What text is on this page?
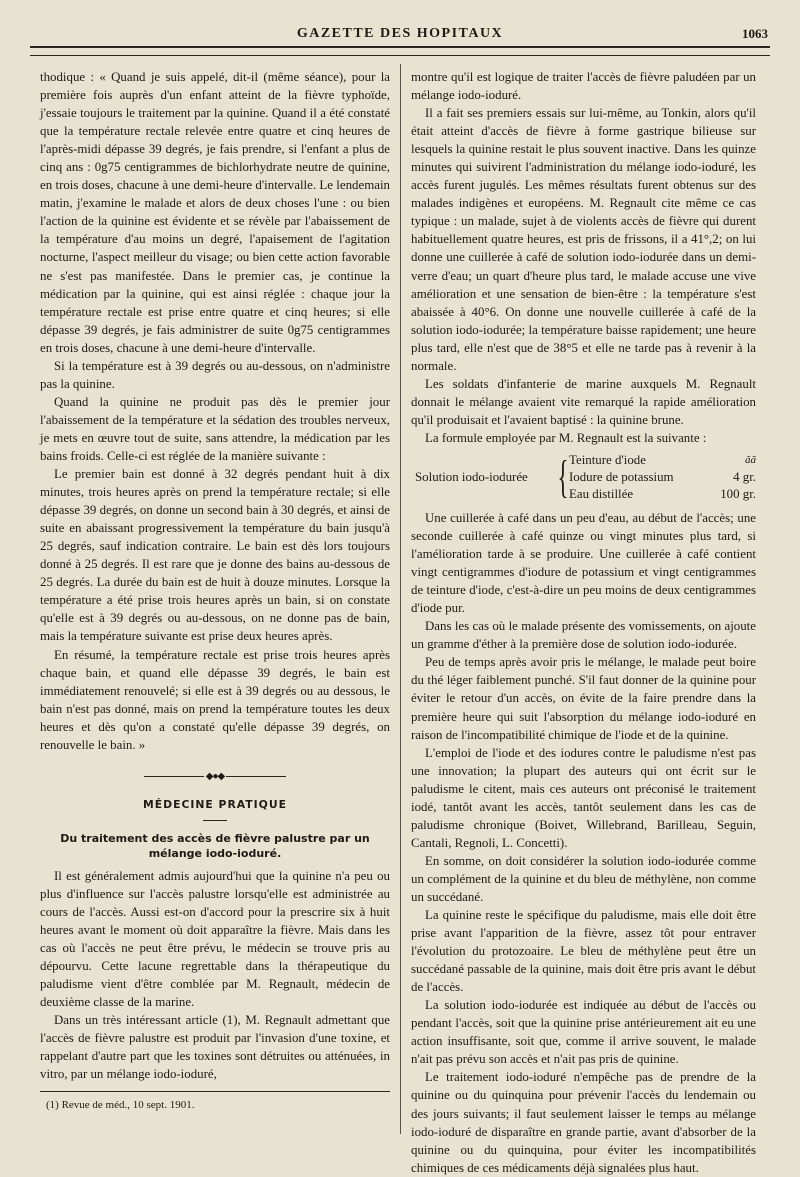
GAZETTE DES HOPITAUX	1063

thodique : « Quand je suis appelé, dit-il (même séance), pour la première fois auprès d'un enfant atteint de la fièvre typhoïde, j'essaie toujours le traitement par la quinine. Quand il a été constaté que la température rectale relevée entre quatre et cinq heures de l'après-midi dépasse 39 degrés, je fais prendre, si l'enfant a plus de cinq ans : 0g75 centigrammes de bichlorhydrate neutre de quinine, en trois doses, chacune à une demi-heure d'intervalle. Le lendemain matin, j'examine le malade et alors de deux choses l'une : ou bien l'action de la quinine est évidente et se révèle par l'abaissement de la température d'au moins un degré, l'apaisement de l'agitation nocturne, l'aspect meilleur du visage; ou bien cette action favorable ne s'est pas manifestée. Dans le premier cas, je continue la médication par la quinine, qui est ainsi réglée : chaque jour la température rectale est prise entre quatre et cinq heures; si elle dépasse 39 degrés, je fais administrer de suite 0g75 centigrammes en trois doses, chacune à une demi-heure d'intervalle.

Si la température est à 39 degrés ou au-dessous, on n'administre pas la quinine.

Quand la quinine ne produit pas dès le premier jour l'abaissement de la température et la sédation des troubles nerveux, je mets en œuvre tout de suite, sans attendre, la médication par les bains froids. Celle-ci est réglée de la manière suivante :

Le premier bain est donné à 32 degrés pendant huit à dix minutes, trois heures après on prend la température rectale; si elle dépasse 39 degrés, on donne un second bain à 30 degrés, et ainsi de suite en abaissant progressivement la température du bain jusqu'à 25 degrés, sauf indication contraire. Le bain est dès lors toujours donné à 25 degrés. Il est rare que je donne des bains au-dessous de 25 degrés. La durée du bain est de huit à douze minutes. Lorsque la température a été prise trois heures après un bain, si on constate qu'elle est à 39 degrés ou au-dessous, on ne donne pas de bain, mais la température suivante est prise deux heures après.

En résumé, la température rectale est prise trois heures après chaque bain, et quand elle dépasse 39 degrés, le bain est immédiatement renouvelé; si elle est à 39 degrés ou au dessous, le bain n'est pas donné, mais on prend la température toutes les deux heures et dès qu'on a constaté qu'elle dépasse 39 degrés, on renouvelle le bain. »

◆●◆
MÉDECINE PRATIQUE
Du traitement des accès de fièvre palustre par un mélange iodo-ioduré.

Il est généralement admis aujourd'hui que la quinine n'a peu ou plus d'influence sur l'accès palustre lorsqu'elle est administrée au cours de l'accès. Aussi est-on d'accord pour la prescrire six à huit heures avant le moment où doit apparaître la fièvre. Mais dans les cas où l'accès ne peut être prévu, le médecin se trouve pris au dépourvu. Cette lacune regrettable dans la thérapeutique du paludisme vient d'être comblée par M. Regnault, médecin de deuxième classe de la marine.

Dans un très intéressant article (1), M. Regnault admettant que l'accès de fièvre palustre est produit par l'invasion d'une toxine, et rappelant d'autre part que les toxines sont détruites ou atténuées, in vitro, par un mélange iodo-ioduré,

(1) Revue de méd., 10 sept. 1901.

montre qu'il est logique de traiter l'accès de fièvre paludéen par un mélange iodo-ioduré.

Il a fait ses premiers essais sur lui-même, au Tonkin, alors qu'il était atteint d'accès de fièvre à forme gastrique bilieuse sur lesquels la quinine restait le plus souvent inactive. Dans les quinze minutes qui suivirent l'administration du mélange iodo-ioduré, les accès furent jugulés. Les mêmes résultats furent obtenus sur des malades indigènes et européens. M. Regnault cite même ce cas typique : un malade, sujet à de violents accès de fièvre qui durent habituellement quatre heures, est pris de frissons, il a 41°,2; on lui donne une cuillerée à café de solution iodo-iodurée dans un demi-verre d'eau; un quart d'heure plus tard, le malade accuse une vive amélioration et une sensation de bien-être : la température s'est abaissée à 40°6. On donne une nouvelle cuillerée à café de la solution iodo-iodurée; la température baisse rapidement; une heure plus tard, elle n'est que de 38°5 et elle ne tarde pas à revenir à la normale.

Les soldats d'infanterie de marine auxquels M. Regnault donnait le mélange avaient vite remarqué la rapide amélioration qu'il produisait et l'avaient baptisé : la quinine brune.

La formule employée par M. Regnault est la suivante :

Solution iodo-iodurée { Teinture d'iode	ãã
Iodure de potassium	4 gr.
Eau distillée	100 gr.

Une cuillerée à café dans un peu d'eau, au début de l'accès; une seconde cuillerée à café quinze ou vingt minutes plus tard, si l'amélioration tarde à se produire. Une cuillerée à café contient vingt centigrammes d'iodure de potassium et vingt centigrammes de teinture d'iode, c'est-à-dire un peu moins de deux centigrammes d'iode pur.

Dans les cas où le malade présente des vomissements, on ajoute un gramme d'éther à la première dose de solution iodo-iodurée.

Peu de temps après avoir pris le mélange, le malade peut boire du thé léger faiblement punché. S'il faut donner de la quinine pour éviter le retour d'un accès, on évite de la faire prendre dans la première heure qui suit l'absorption du mélange iodo-ioduré en raison de l'incompatibilité chimique de l'iode et de la quinine.

L'emploi de l'iode et des iodures contre le paludisme n'est pas une innovation; la plupart des auteurs qui ont écrit sur le paludisme le citent, mais ces auteurs ont préconisé le traitement iodé, tantôt avant les accès, tantôt seulement dans les cas de paludisme chronique (Boivet, Willebrand, Barilleau, Seguin, Cantali, Regnoli, L. Concetti).

En somme, on doit considérer la solution iodo-iodurée comme un complément de la quinine et du bleu de méthylène, non comme un succédané.

La quinine reste le spécifique du paludisme, mais elle doit être prise avant l'apparition de la fièvre, assez tôt pour entraver l'évolution du protozoaire. Le bleu de méthylène peut être un succédané passable de la quinine, mais doit être pris avant le début de l'accès.

La solution iodo-iodurée est indiquée au début de l'accès ou pendant l'accès, soit que la quinine prise antérieurement ait eu une action insuffisante, soit que, comme il arrive souvent, le malade n'ait pas prévu son accès et n'ait pas pris de quinine.

Le traitement iodo-ioduré n'empêche pas de prendre de la quinine ou du quinquina pour prévenir l'accès du lendemain ou des jours suivants; il faut seulement laisser le temps au mélange iodo-ioduré de disparaître en grande partie, avant d'absorber de la quinine ou du quinquina, pour éviter les incompatibilités chimiques de ces médicaments déjà signalées plus haut.
